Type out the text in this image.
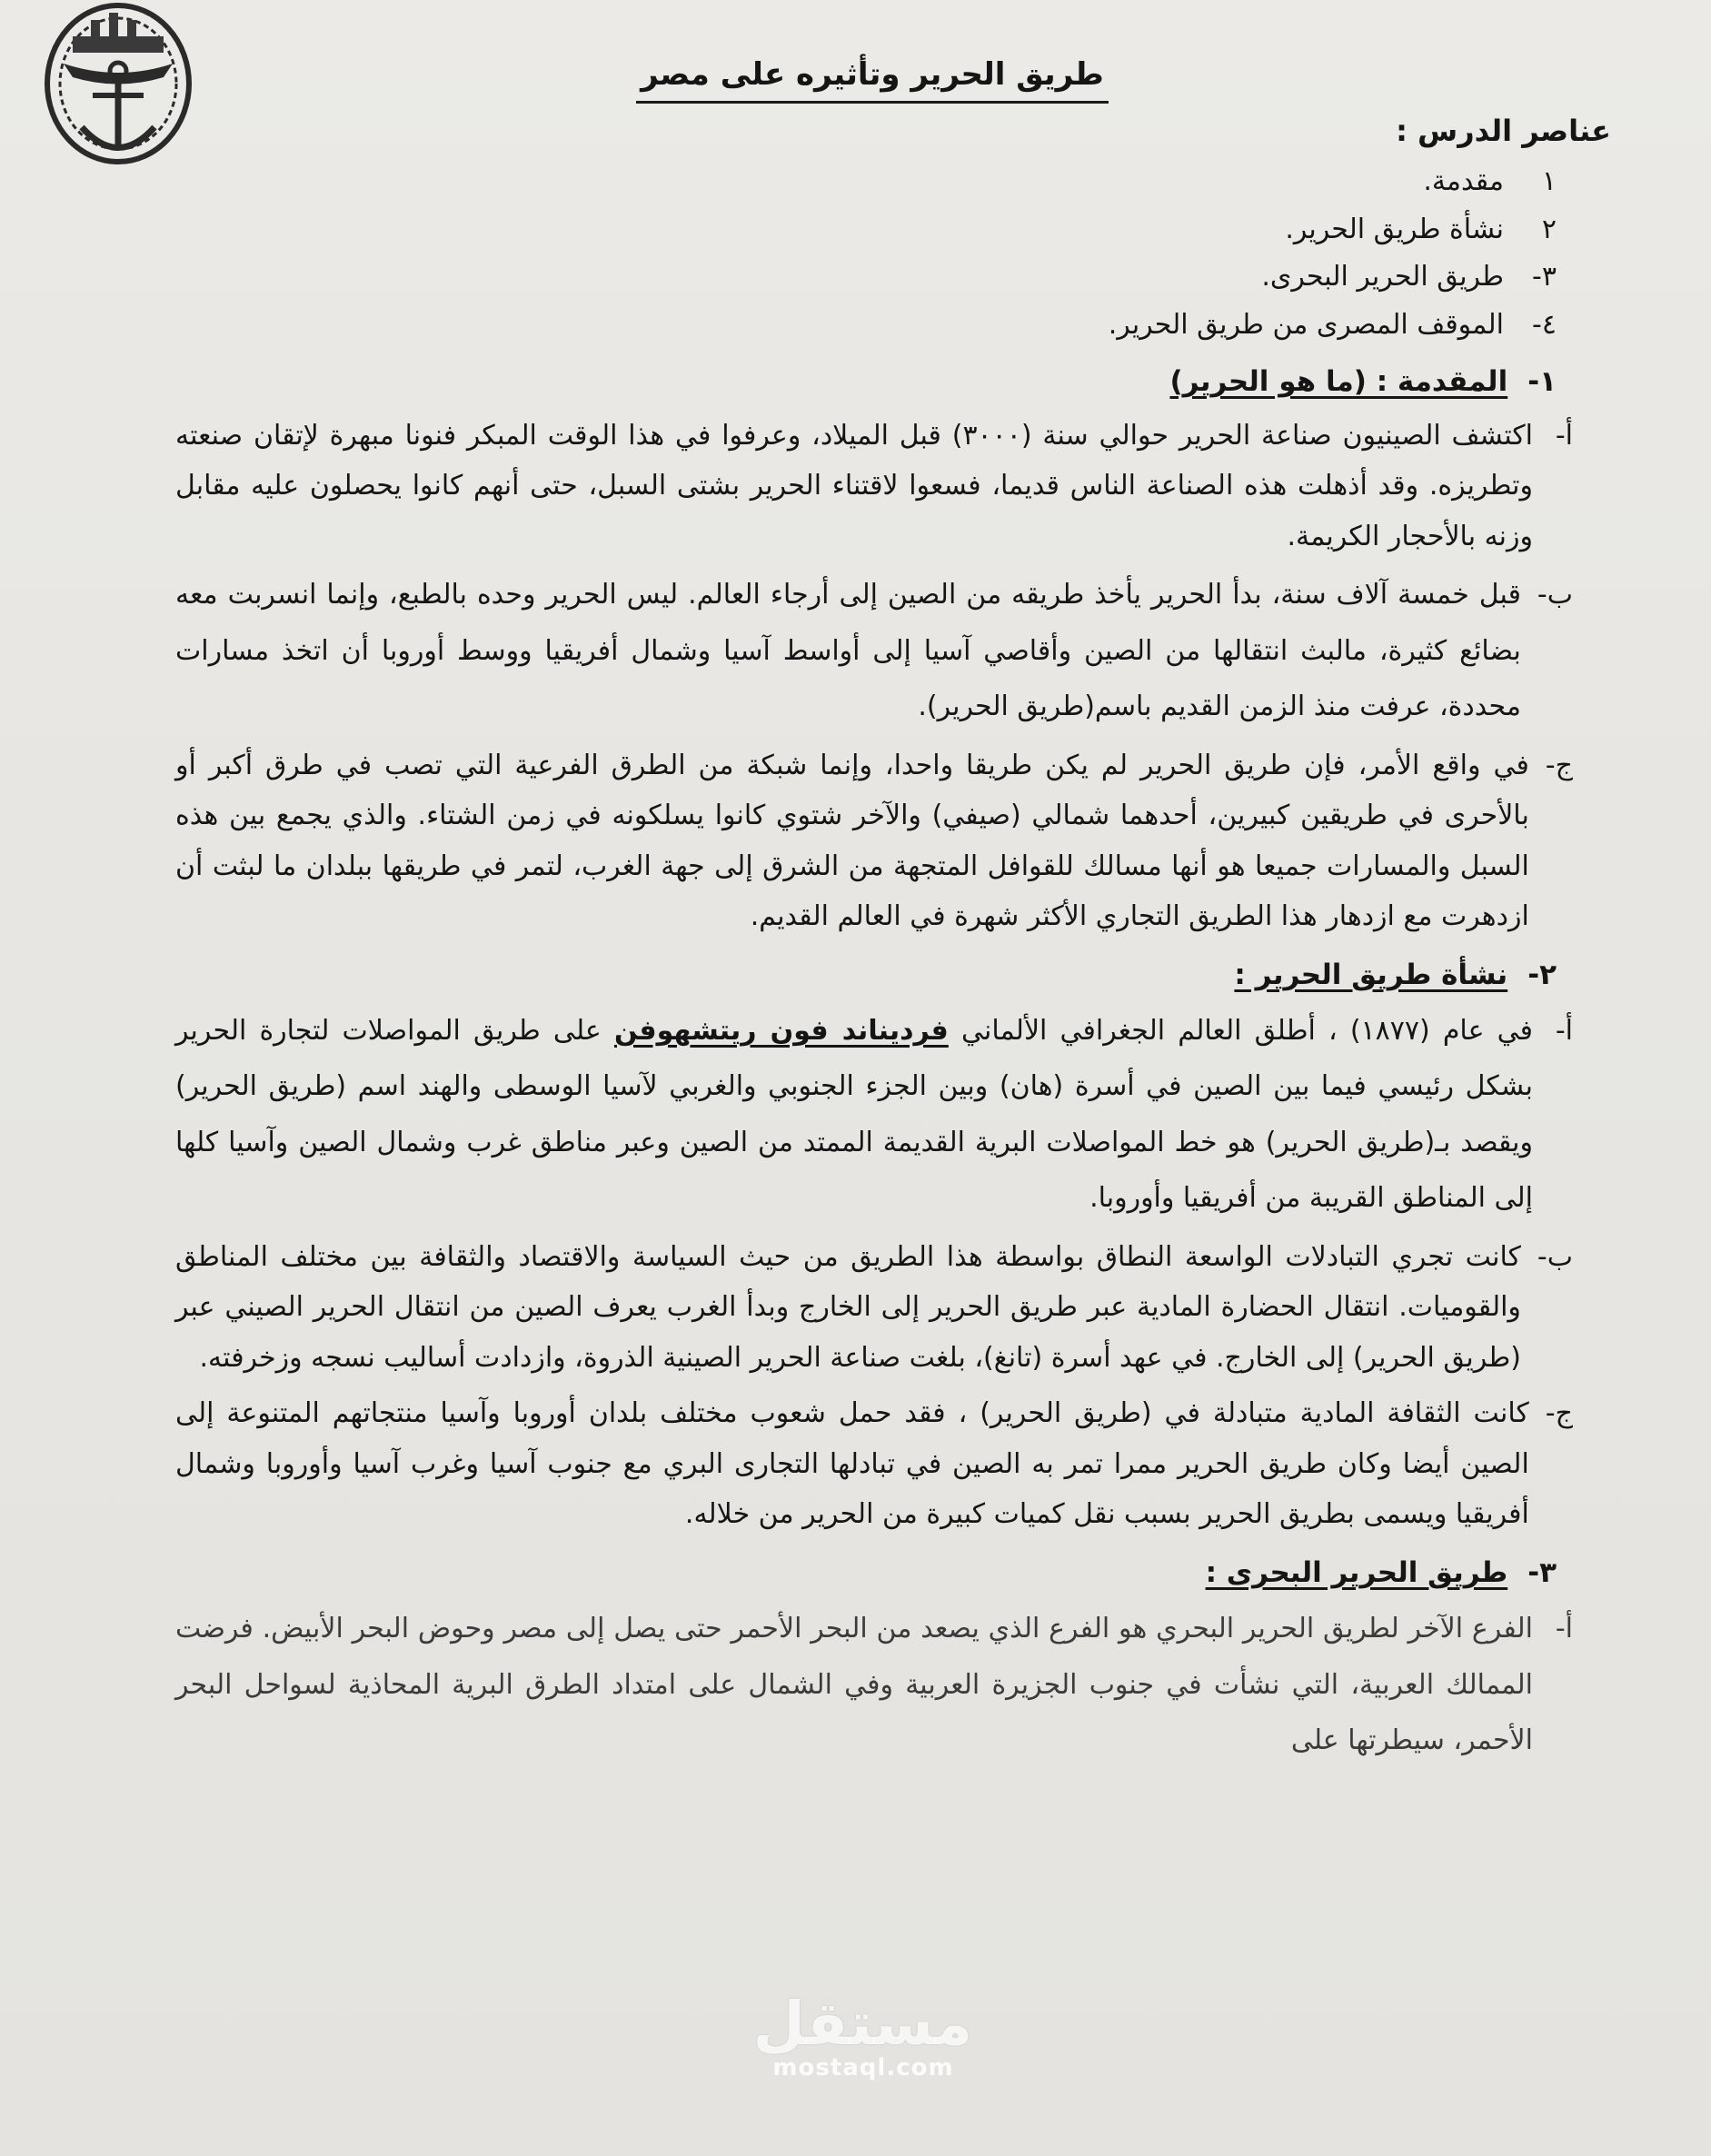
طريق الحرير وتأثيره على مصر
عناصر الدرس :
١
مقدمة.
٢
نشأة طريق الحرير.
٣-
طريق الحرير البحرى.
٤-
الموقف المصرى من طريق الحرير.
١-
المقدمة : (ما هو الحرير)
أ-
اكتشف الصينيون صناعة الحرير حوالي سنة (٣٠٠٠) قبل الميلاد، وعرفوا في هذا الوقت المبكر فنونا مبهرة لإتقان صنعته وتطريزه. وقد أذهلت هذه الصناعة الناس قديما، فسعوا لاقتناء الحرير بشتى السبل، حتى أنهم كانوا يحصلون عليه مقابل وزنه بالأحجار الكريمة.
ب-
قبل خمسة آلاف سنة، بدأ الحرير يأخذ طريقه من الصين إلى أرجاء العالم. ليس الحرير وحده بالطبع، وإنما انسربت معه بضائع كثيرة، مالبث انتقالها من الصين وأقاصي آسيا إلى أواسط آسيا وشمال أفريقيا ووسط أوروبا أن اتخذ مسارات محددة، عرفت منذ الزمن القديم باسم(طريق الحرير).
ج-
في واقع الأمر، فإن طريق الحرير لم يكن طريقا واحدا، وإنما شبكة من الطرق الفرعية التي تصب في طرق أكبر أو بالأحرى في طريقين كبيرين، أحدهما شمالي (صيفي) والآخر شتوي كانوا يسلكونه في زمن الشتاء. والذي يجمع بين هذه السبل والمسارات جميعا هو أنها مسالك للقوافل المتجهة من الشرق إلى جهة الغرب، لتمر في طريقها ببلدان ما لبثت أن ازدهرت مع ازدهار هذا الطريق التجاري الأكثر شهرة في العالم القديم.
٢-
نشأة طريق الحرير :
أ-
في عام (١٨٧٧) ، أطلق العالم الجغرافي الألماني فرديناند فون ريتشهوفن على طريق المواصلات لتجارة الحرير بشكل رئيسي فيما بين الصين في أسرة (هان) وبين الجزء الجنوبي والغربي لآسيا الوسطى والهند اسم (طريق الحرير) ويقصد بـ(طريق الحرير) هو خط المواصلات البرية القديمة الممتد من الصين وعبر مناطق غرب وشمال الصين وآسيا كلها إلى المناطق القريبة من أفريقيا وأوروبا.
ب-
كانت تجري التبادلات الواسعة النطاق بواسطة هذا الطريق من حيث السياسة والاقتصاد والثقافة بين مختلف المناطق والقوميات. انتقال الحضارة المادية عبر طريق الحرير إلى الخارج وبدأ الغرب يعرف الصين من انتقال الحرير الصيني عبر (طريق الحرير) إلى الخارج. في عهد أسرة (تانغ)، بلغت صناعة الحرير الصينية الذروة، وازدادت أساليب نسجه وزخرفته.
ج-
كانت الثقافة المادية متبادلة في (طريق الحرير) ، فقد حمل شعوب مختلف بلدان أوروبا وآسيا منتجاتهم المتنوعة إلى الصين أيضا وكان طريق الحرير ممرا تمر به الصين في تبادلها التجارى البري مع جنوب آسيا وغرب آسيا وأوروبا وشمال أفريقيا ويسمى بطريق الحرير بسبب نقل كميات كبيرة من الحرير من خلاله.
٣-
طريق الحرير البحرى :
أ-
الفرع الآخر لطريق الحرير البحري هو الفرع الذي يصعد من البحر الأحمر حتى يصل إلى مصر وحوض البحر الأبيض. فرضت الممالك العربية، التي نشأت في جنوب الجزيرة العربية وفي الشمال على امتداد الطرق البرية المحاذية لسواحل البحر الأحمر، سيطرتها على
مستقل
mostaql.com
